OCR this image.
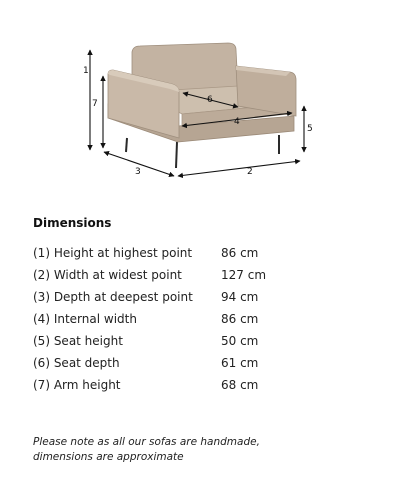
1
7
5
3	2
6
4
Dimensions
(1) Height at highest point 86 cm
(2) Width at widest point	127 cm
(3) Depth at deepest point 94 cm
(4) Internal width	86 cm
(5) Seat height	50 cm
(6) Seat depth	61 cm
(7) Arm height	68 cm
Please note as all our sofas are handmade,
dimensions are approximate
